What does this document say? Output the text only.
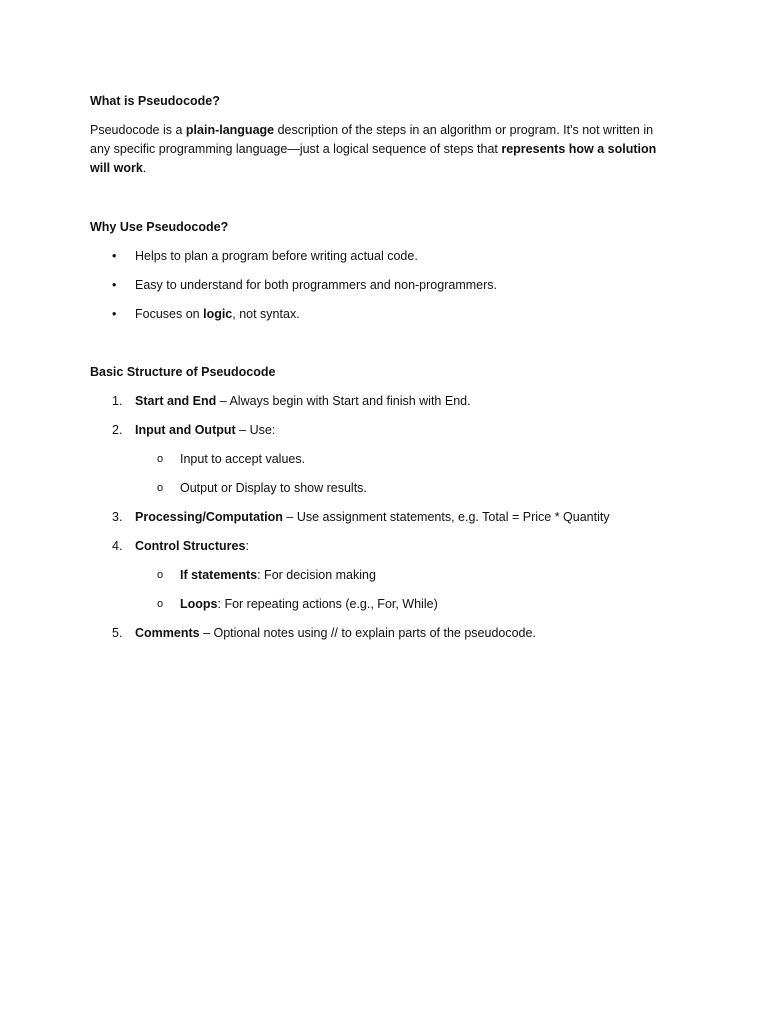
What is Pseudocode?

Pseudocode is a plain-language description of the steps in an algorithm or program. It's not written in any specific programming language—just a logical sequence of steps that represents how a solution will work.

Why Use Pseudocode?

• Helps to plan a program before writing actual code.
• Easy to understand for both programmers and non-programmers.
• Focuses on logic, not syntax.

Basic Structure of Pseudocode

1. Start and End – Always begin with Start and finish with End.
2. Input and Output – Use:
o Input to accept values.
o Output or Display to show results.
3. Processing/Computation – Use assignment statements, e.g. Total = Price * Quantity
4. Control Structures:
o If statements: For decision making
o Loops: For repeating actions (e.g., For, While)
5. Comments – Optional notes using // to explain parts of the pseudocode.
